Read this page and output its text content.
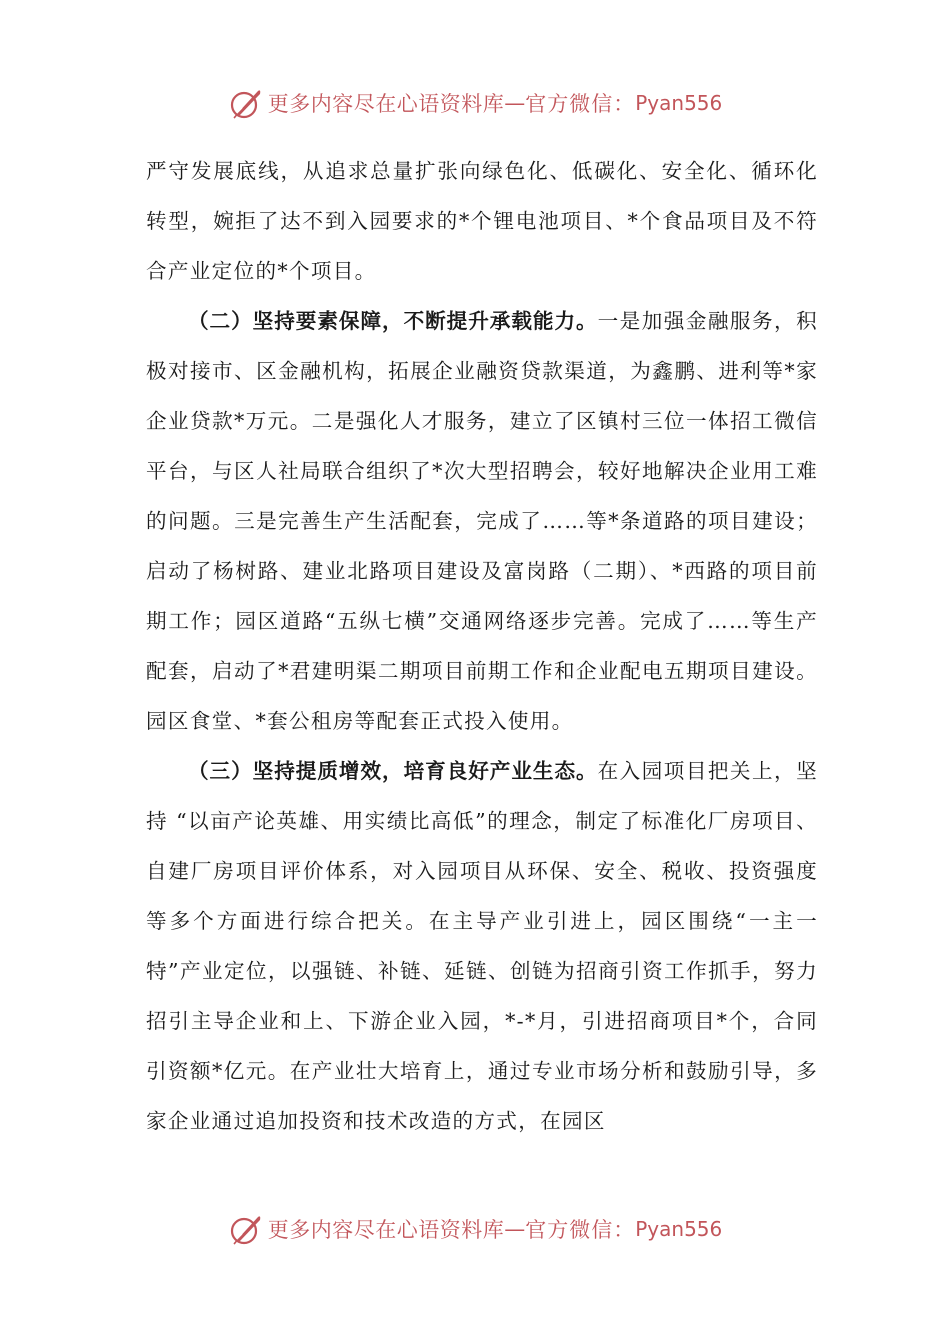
更多内容尽在心语资料库 — 官方微信： Pyan556

严守发展底线，从追求总量扩张向绿色化、低碳化、安全化、循环化转型，婉拒了达不到入园要求的*个锂电池项目、*个食品项目及不符合产业定位的*个项目。

（二）坚持要素保障，不断提升承载能力。一是加强金融服务，积极对接市、区金融机构，拓展企业融资贷款渠道，为鑫鹏、进利等*家企业贷款*万元。二是强化人才服务，建立了区镇村三位一体招工微信平台，与区人社局联合组织了*次大型招聘会，较好地解决企业用工难的问题。三是完善生产生活配套，完成了……等*条道路的项目建设；启动了杨树路、建业北路项目建设及富岗路（二期）、*西路的项目前期工作；园区道路“五纵七横”交通网络逐步完善。完成了……等生产配套，启动了*君建明渠二期项目前期工作和企业配电五期项目建设。园区食堂、*套公租房等配套正式投入使用。

（三）坚持提质增效，培育良好产业生态。在入园项目把关上，坚持 “以亩产论英雄、用实绩比高低”的理念，制定了标准化厂房项目、自建厂房项目评价体系，对入园项目从环保、安全、税收、投资强度等多个方面进行综合把关。在主导产业引进上，园区围绕“一主一特”产业定位，以强链、补链、延链、创链为招商引资工作抓手，努力招引主导企业和上、下游企业入园，*-*月，引进招商项目*个，合同引资额*亿元。在产业壮大培育上，通过专业市场分析和鼓励引导，多家企业通过追加投资和技术改造的方式，在园区

更多内容尽在心语资料库 — 官方微信： Pyan556
